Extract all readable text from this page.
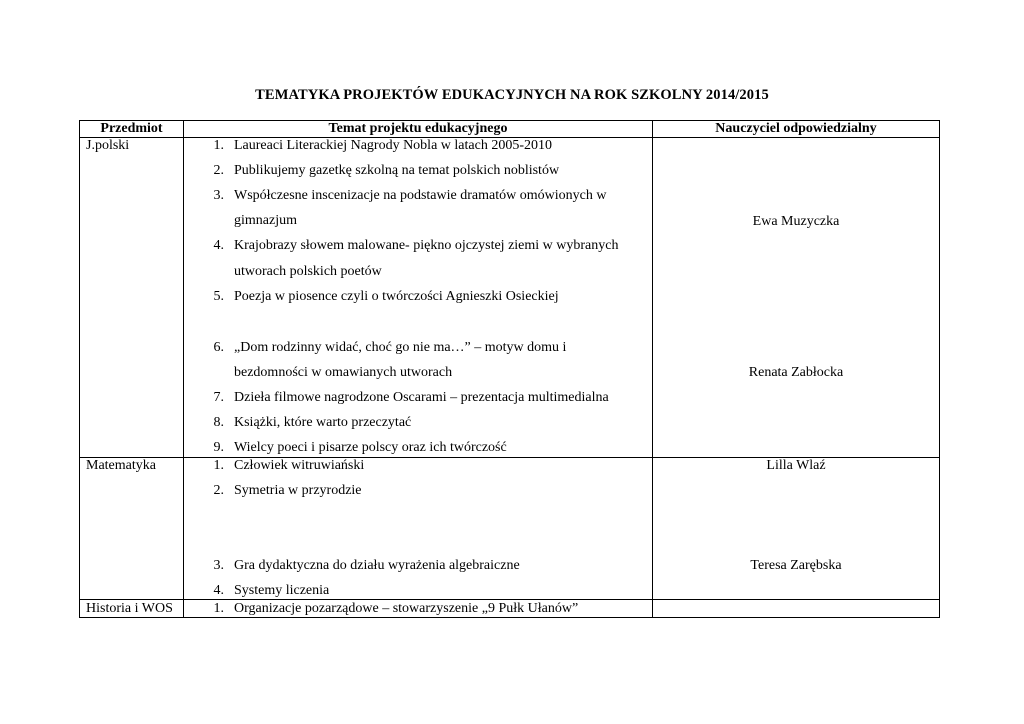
TEMATYKA PROJEKTÓW EDUKACYJNYCH NA ROK SZKOLNY 2014/2015
Przedmiot	Temat projektu edukacyjnego	Nauczyciel odpowiedzialny
J.polski
Matematyka
Historia i WOS
1. Laureaci Literackiej Nagrody Nobla w latach 2005-2010
2. Publikujemy gazetkę szkolną na temat polskich noblistów
3. Współczesne inscenizacje na podstawie dramatów omówionych w
gimnazjum
4. Krajobrazy słowem malowane- piękno ojczystej ziemi w wybranych
utworach polskich poetów
5. Poezja w piosence czyli o twórczości Agnieszki Osieckiej
6. „Dom rodzinny widać, choć go nie ma…” – motyw domu i
bezdomności w omawianych utworach
7. Dzieła filmowe nagrodzone Oscarami – prezentacja multimedialna
8. Książki, które warto przeczytać
9. Wielcy poeci i pisarze polscy oraz ich twórczość
1. Człowiek witruwiański
2. Symetria w przyrodzie
3. Gra dydaktyczna do działu wyrażenia algebraiczne
4. Systemy liczenia
1. Organizacje pozarządowe – stowarzyszenie „9 Pułk Ułanów”
Ewa Muzyczka
Renata Zabłocka
Lilla Wlaź
Teresa Zarębska
